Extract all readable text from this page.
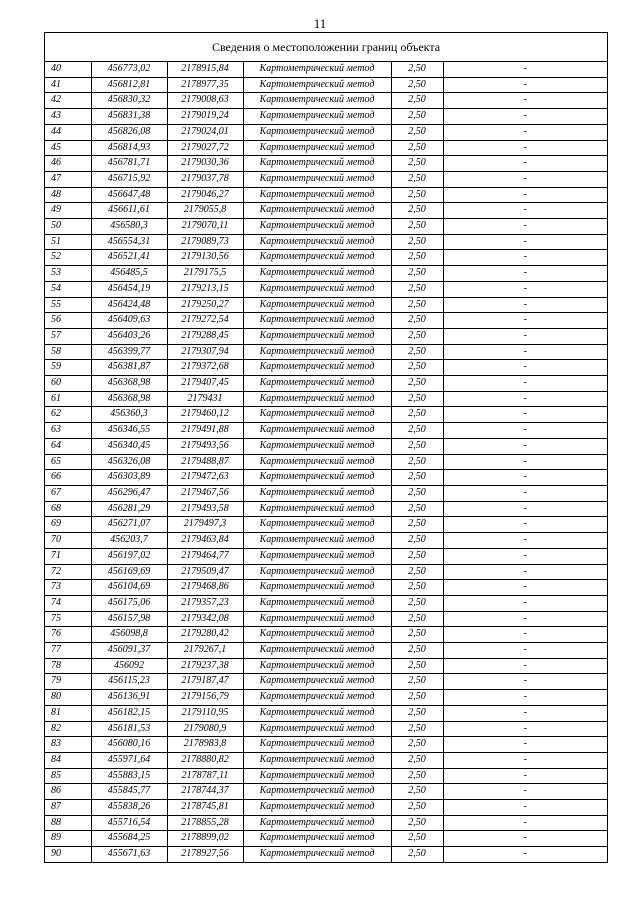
11
Сведения о местоположении границ объекта
40	456773,02	2178915,84	Картометрический метод	2,50	-
41	456812,81	2178977,35	Картометрический метод	2,50	-
42	456830,32	2179008,63	Картометрический метод	2,50	-
43	456831,38	2179019,24	Картометрический метод	2,50	-
44	456826,08	2179024,01	Картометрический метод	2,50	-
45	456814,93	2179027,72	Картометрический метод	2,50	-
46	456781,71	2179030,36	Картометрический метод	2,50	-
47	456715,92	2179037,78	Картометрический метод	2,50	-
48	456647,48	2179046,27	Картометрический метод	2,50	-
49	456611,61	2179055,8	Картометрический метод	2,50	-
50	456580,3	2179070,11	Картометрический метод	2,50	-
51	456554,31	2179089,73	Картометрический метод	2,50	-
52	456521,41	2179130,56	Картометрический метод	2,50	-
53	456485,5	2179175,5	Картометрический метод	2,50	-
54	456454,19	2179213,15	Картометрический метод	2,50	-
55	456424,48	2179250,27	Картометрический метод	2,50	-
56	456409,63	2179272,54	Картометрический метод	2,50	-
57	456403,26	2179288,45	Картометрический метод	2,50	-
58	456399,77	2179307,94	Картометрический метод	2,50	-
59	456381,87	2179372,68	Картометрический метод	2,50	-
60	456368,98	2179407,45	Картометрический метод	2,50	-
61	456368,98	2179431	Картометрический метод	2,50	-
62	456360,3	2179460,12	Картометрический метод	2,50	-
63	456346,55	2179491,88	Картометрический метод	2,50	-
64	456340,45	2179493,56	Картометрический метод	2,50	-
65	456326,08	2179488,87	Картометрический метод	2,50	-
66	456303,89	2179472,63	Картометрический метод	2,50	-
67	456296,47	2179467,56	Картометрический метод	2,50	-
68	456281,29	2179493,58	Картометрический метод	2,50	-
69	456271,07	2179497,3	Картометрический метод	2,50	-
70	456203,7	2179463,84	Картометрический метод	2,50	-
71	456197,02	2179464,77	Картометрический метод	2,50	-
72	456169,69	2179509,47	Картометрический метод	2,50	-
73	456104,69	2179468,86	Картометрический метод	2,50	-
74	456175,06	2179357,23	Картометрический метод	2,50	-
75	456157,98	2179342,08	Картометрический метод	2,50	-
76	456098,8	2179280,42	Картометрический метод	2,50	-
77	456091,37	2179267,1	Картометрический метод	2,50	-
78	456092	2179237,38	Картометрический метод	2,50	-
79	456115,23	2179187,47	Картометрический метод	2,50	-
80	456136,91	2179156,79	Картометрический метод	2,50	-
81	456182,15	2179110,95	Картометрический метод	2,50	-
82	456181,53	2179080,9	Картометрический метод	2,50	-
83	456080,16	2178983,8	Картометрический метод	2,50	-
84	455971,64	2178880,82	Картометрический метод	2,50	-
85	455883,15	2178787,11	Картометрический метод	2,50	-
86	455845,77	2178744,37	Картометрический метод	2,50	-
87	455838,26	2178745,81	Картометрический метод	2,50	-
88	455716,54	2178855,28	Картометрический метод	2,50	-
89	455684,25	2178899,02	Картометрический метод	2,50	-
90	455671,63	2178927,56	Картометрический метод	2,50	-
